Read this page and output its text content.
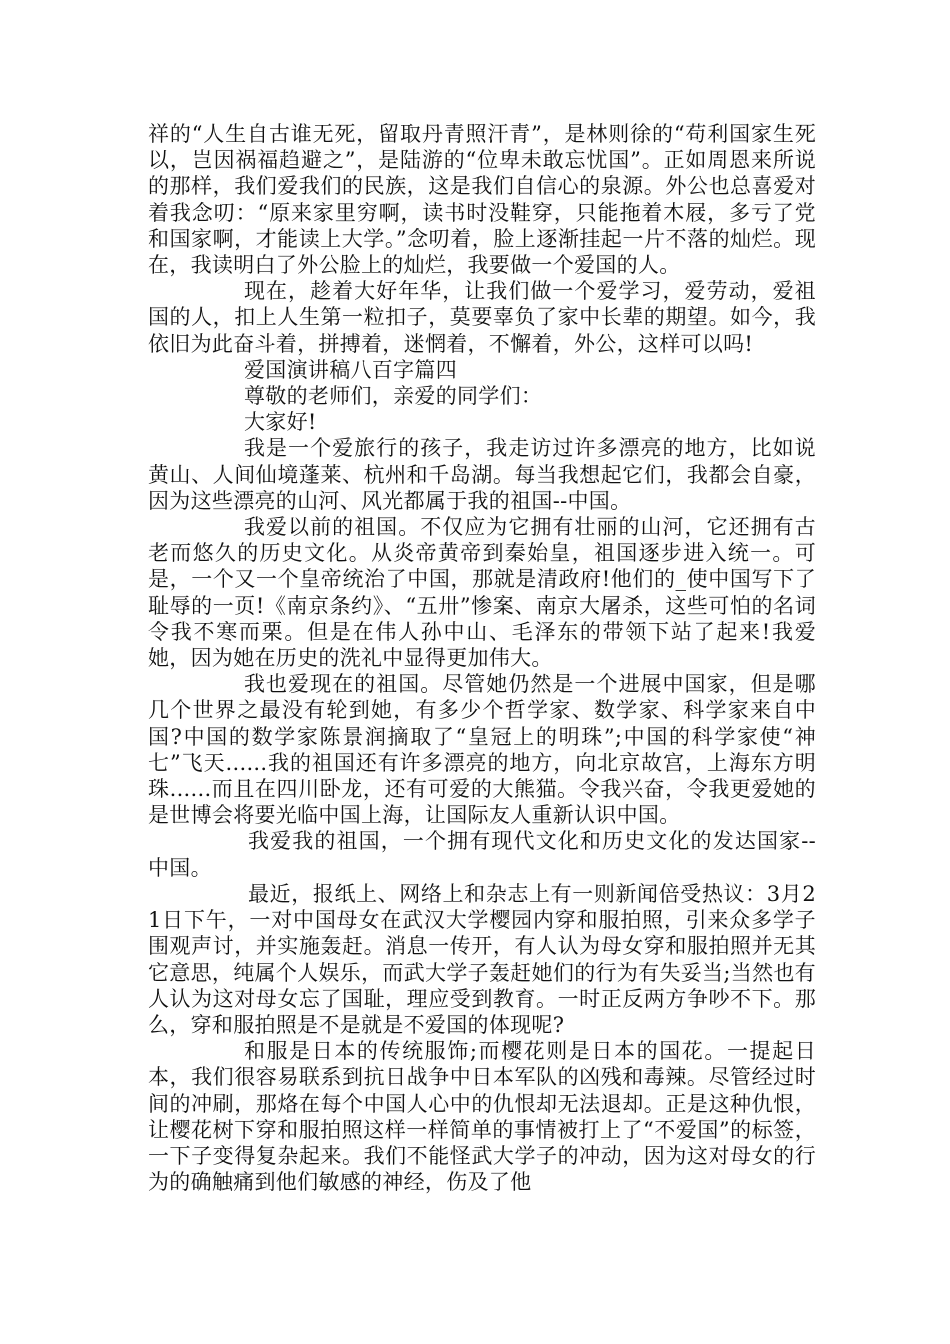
祥的“人生自古谁无死，留取丹青照汗青”，是林则徐的“苟利国家生死以，岂因祸福趋避之”，是陆游的“位卑未敢忘忧国”。正如周恩来所说的那样，我们爱我们的民族，这是我们自信心的泉源。外公也总喜爱对着我念叨：“原来家里穷啊，读书时没鞋穿，只能拖着木屐，多亏了党和国家啊，才能读上大学。”念叨着，脸上逐渐挂起一片不落的灿烂。现在，我读明白了外公脸上的灿烂，我要做一个爱国的人。

现在，趁着大好年华，让我们做一个爱学习，爱劳动，爱祖国的人，扣上人生第一粒扣子，莫要辜负了家中长辈的期望。如今，我依旧为此奋斗着，拼搏着，迷惘着，不懈着，外公，这样可以吗!

爱国演讲稿八百字篇四

尊敬的老师们，亲爱的同学们：

大家好!

我是一个爱旅行的孩子，我走访过许多漂亮的地方，比如说黄山、人间仙境蓬莱、杭州和千岛湖。每当我想起它们，我都会自豪，因为这些漂亮的山河、风光都属于我的祖国--中国。

我爱以前的祖国。不仅应为它拥有壮丽的山河，它还拥有古老而悠久的历史文化。从炎帝黄帝到秦始皇，祖国逐步进入统一。可是，一个又一个皇帝统治了中国，那就是清政府!他们的_使中国写下了耻辱的一页!《南京条约》、“五卅”惨案、南京大屠杀，这些可怕的名词令我不寒而栗。但是在伟人孙中山、毛泽东的带领下站了起来!我爱她，因为她在历史的洗礼中显得更加伟大。

我也爱现在的祖国。尽管她仍然是一个进展中国家，但是哪几个世界之最没有轮到她，有多少个哲学家、数学家、科学家来自中国?中国的数学家陈景润摘取了“皇冠上的明珠”;中国的科学家使“神七”飞天......我的祖国还有许多漂亮的地方，向北京故宫，上海东方明珠......而且在四川卧龙，还有可爱的大熊猫。令我兴奋，令我更爱她的是世博会将要光临中国上海，让国际友人重新认识中国。

我爱我的祖国，一个拥有现代文化和历史文化的发达国家--中国。

最近，报纸上、网络上和杂志上有一则新闻倍受热议：3月21日下午，一对中国母女在武汉大学樱园内穿和服拍照，引来众多学子围观声讨，并实施轰赶。消息一传开，有人认为母女穿和服拍照并无其它意思，纯属个人娱乐，而武大学子轰赶她们的行为有失妥当;当然也有人认为这对母女忘了国耻，理应受到教育。一时正反两方争吵不下。那么，穿和服拍照是不是就是不爱国的体现呢?

和服是日本的传统服饰;而樱花则是日本的国花。一提起日本，我们很容易联系到抗日战争中日本军队的凶残和毒辣。尽管经过时间的冲刷，那烙在每个中国人心中的仇恨却无法退却。正是这种仇恨，让樱花树下穿和服拍照这样一样简单的事情被打上了“不爱国”的标签，一下子变得复杂起来。我们不能怪武大学子的冲动，因为这对母女的行为的确触痛到他们敏感的神经，伤及了他
